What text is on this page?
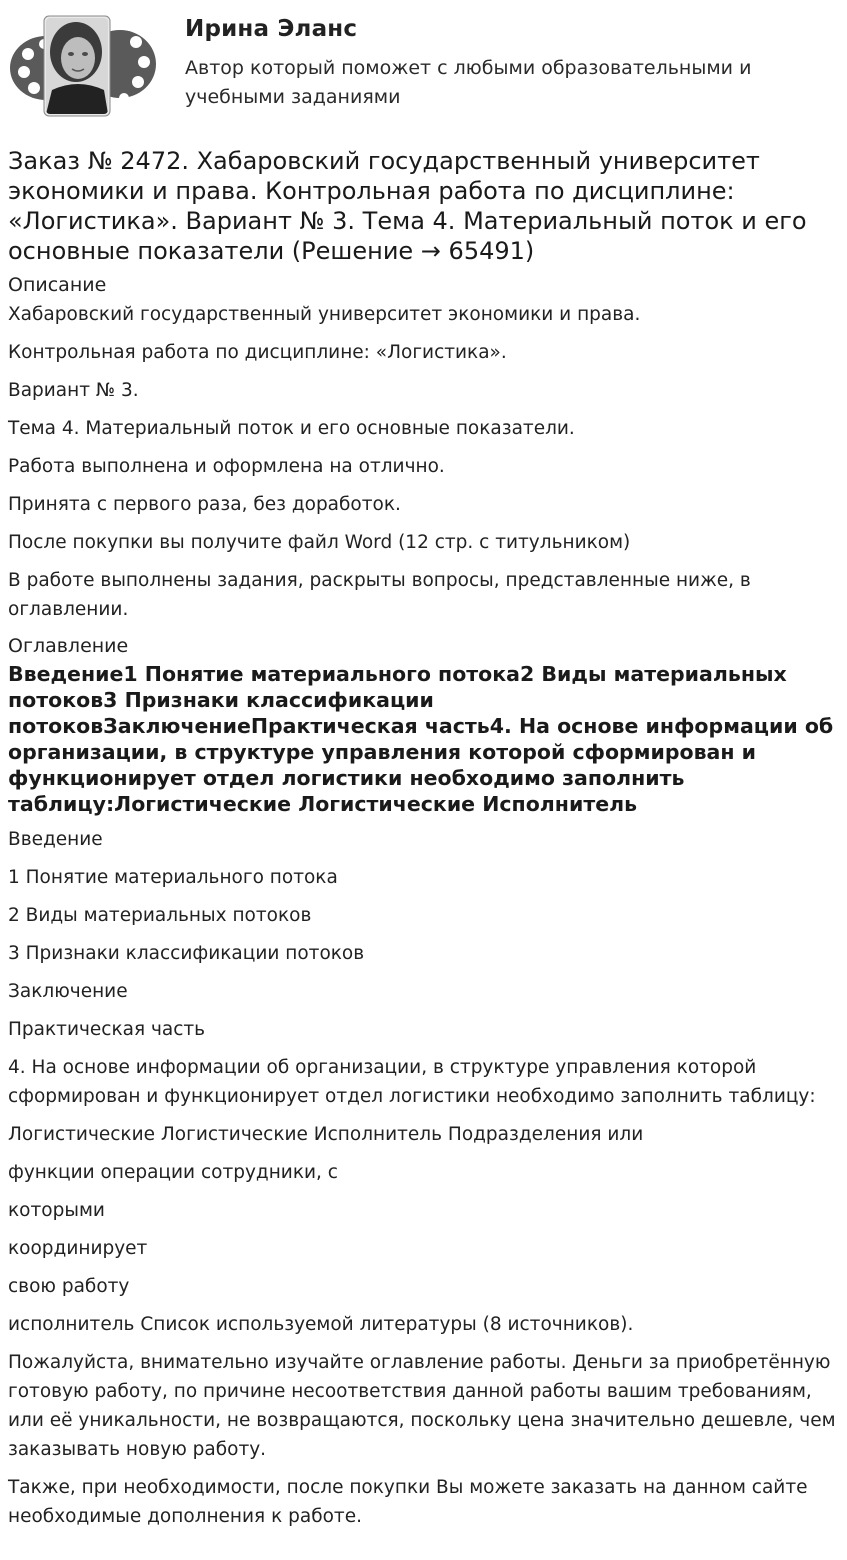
Ирина Эланс
Автор который поможет с любыми образовательными и учебными заданиями
Заказ № 2472. Хабаровский государственный университет экономики и права. Контрольная работа по дисциплине: «Логистика». Вариант № 3. Тема 4. Материальный поток и его основные показатели (Решение → 65491)
Описание

Хабаровский государственный университет экономики и права.

Контрольная работа по дисциплине: «Логистика».

Вариант № 3.

Тема 4. Материальный поток и его основные показатели.

Работа выполнена и оформлена на отлично.

Принята с первого раза, без доработок.

После покупки вы получите файл Word (12 стр. с титульником)

В работе выполнены задания, раскрыты вопросы, представленные ниже, в оглавлении.

Оглавление
Введение1 Понятие материального потока2 Виды материальных потоков3 Признаки классификации потоковЗаключениеПрактическая часть4. На основе информации об организации, в структуре управления которой сформирован и функционирует отдел логистики необходимо заполнить таблицу:Логистические Логистические Исполнитель

Введение

1 Понятие материального потока

2 Виды материальных потоков

3 Признаки классификации потоков

Заключение

Практическая часть

4. На основе информации об организации, в структуре управления которой сформирован и функционирует отдел логистики необходимо заполнить таблицу:

Логистические Логистические Исполнитель Подразделения или

функции операции сотрудники, с

которыми

координирует

свою работу

исполнитель Список используемой литературы (8 источников).

Пожалуйста, внимательно изучайте оглавление работы. Деньги за приобретённую готовую работу, по причине несоответствия данной работы вашим требованиям, или её уникальности, не возвращаются, поскольку цена значительно дешевле, чем заказывать новую работу.

Также, при необходимости, после покупки Вы можете заказать на данном сайте необходимые дополнения к работе.
